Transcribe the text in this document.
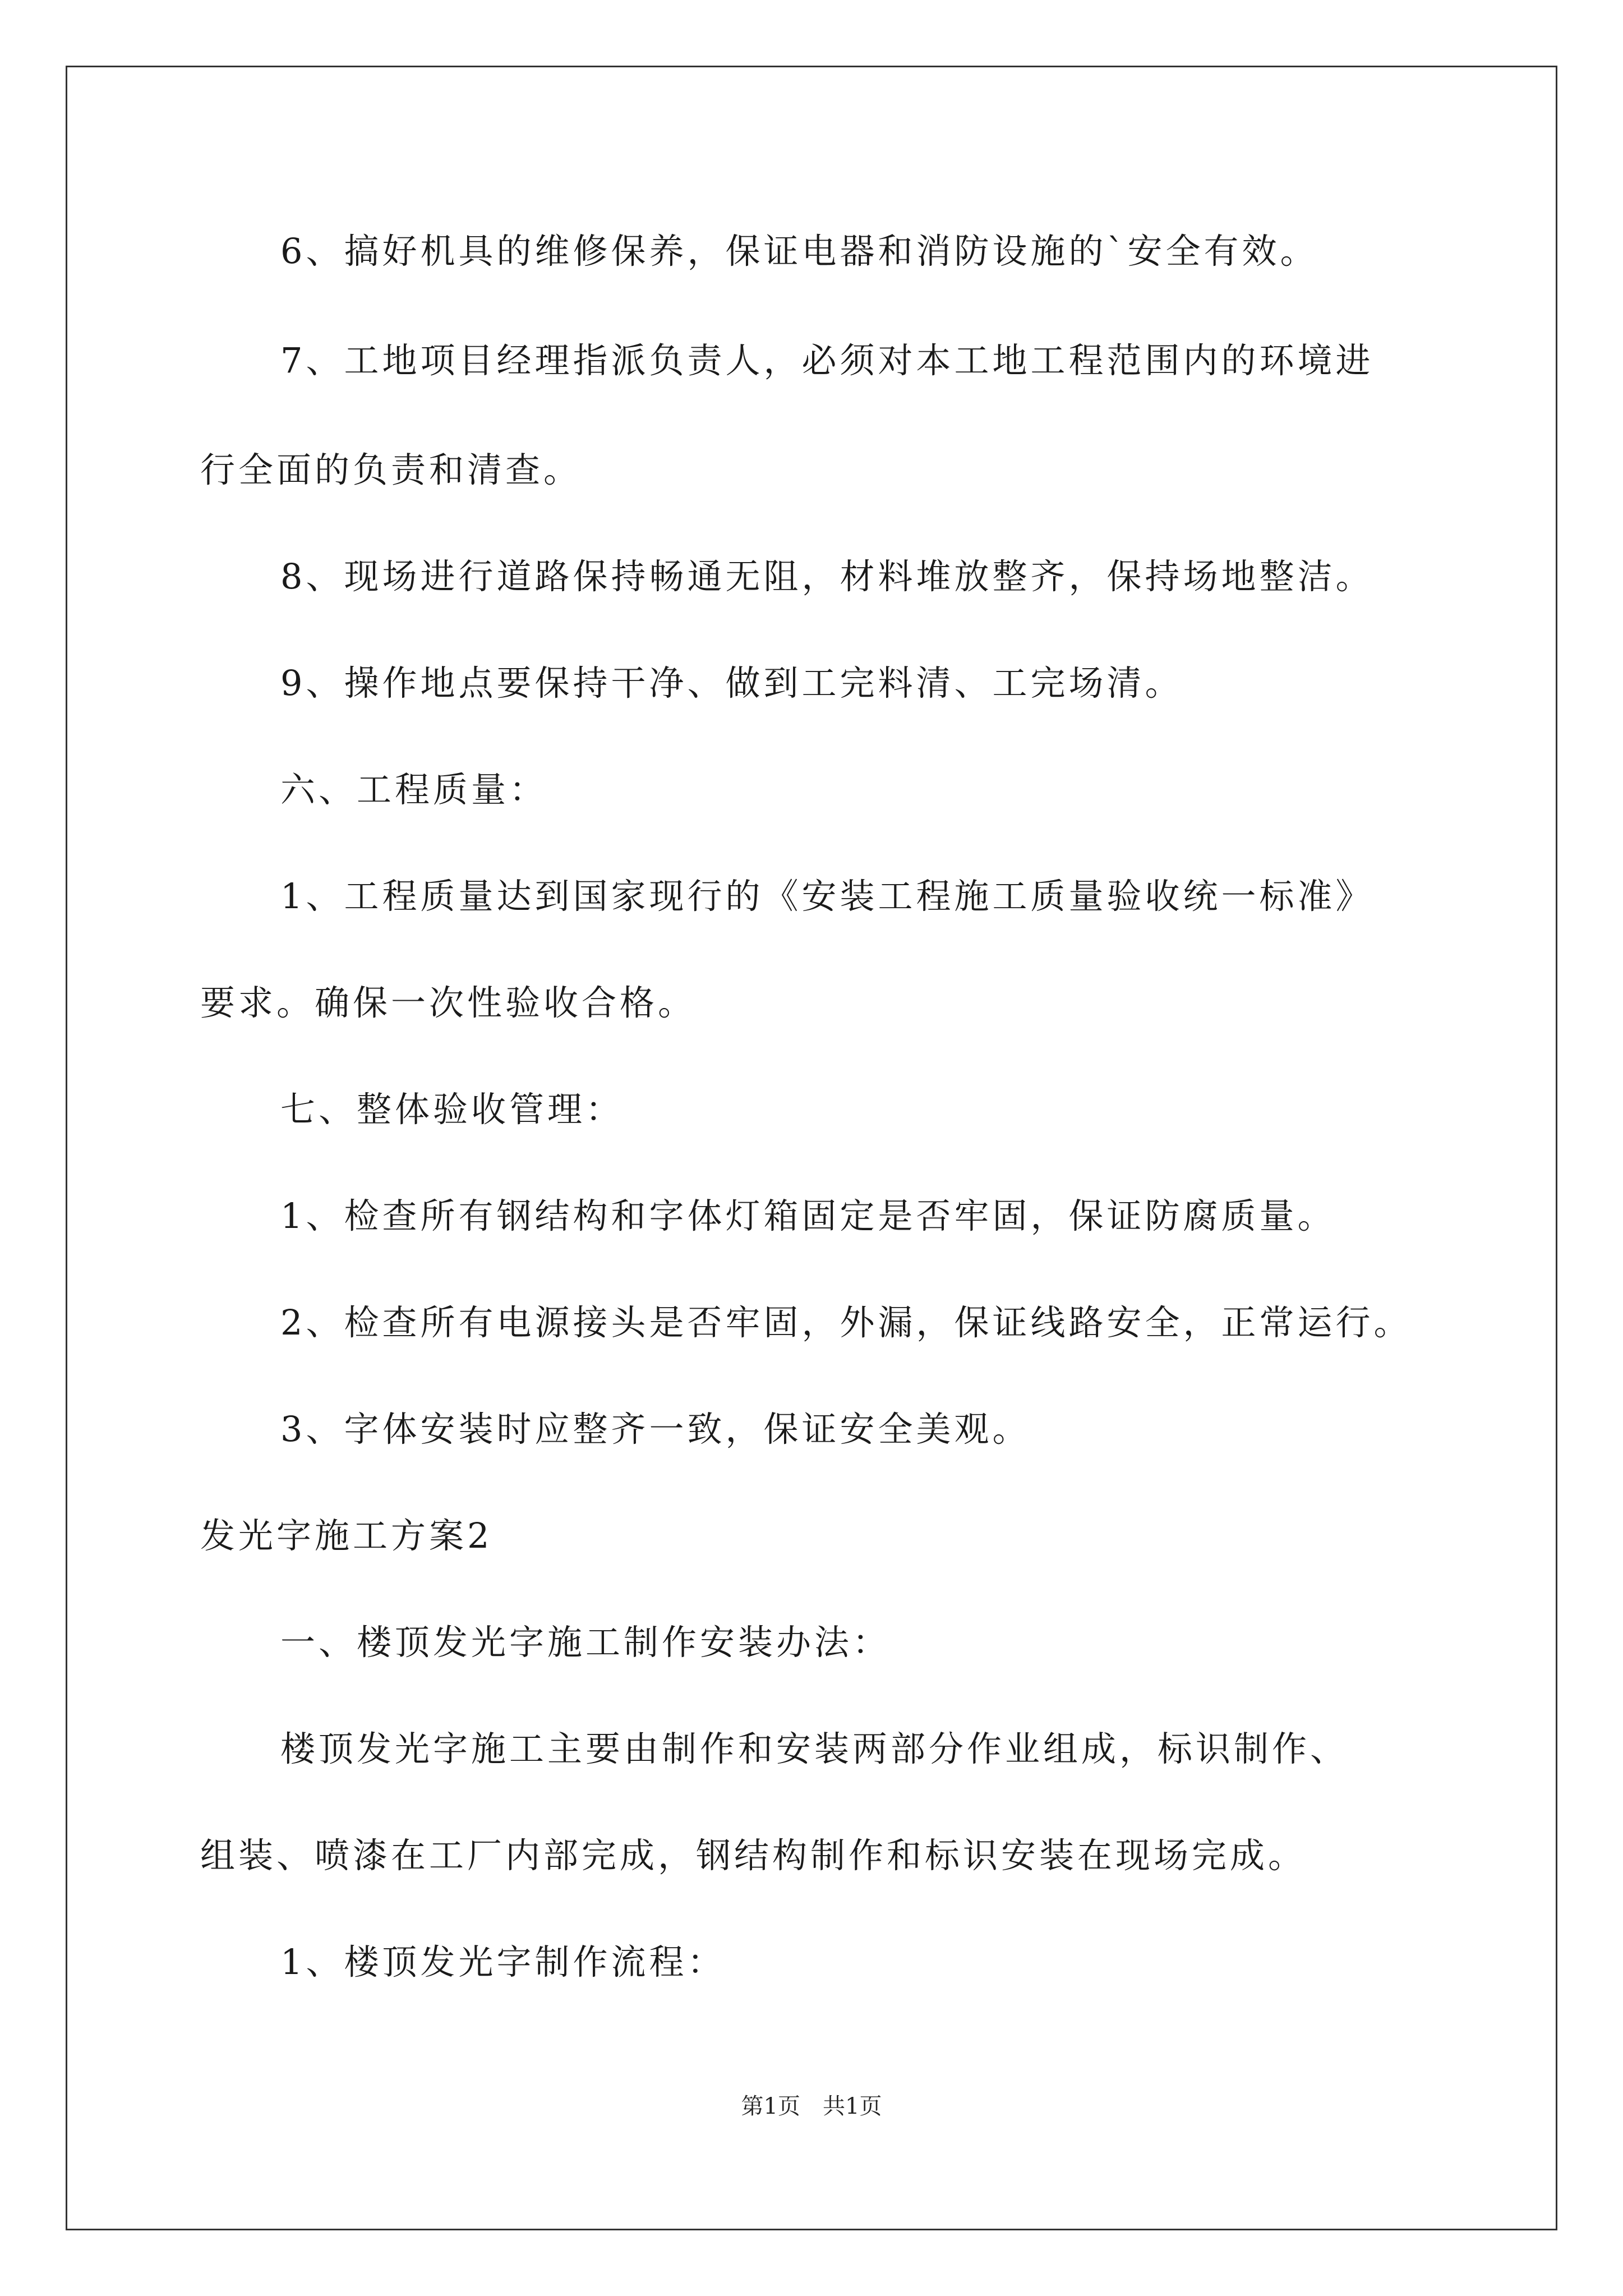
6、搞好机具的维修保养，保证电器和消防设施的`安全有效。
7、工地项目经理指派负责人，必须对本工地工程范围内的环境进
行全面的负责和清查。
8、现场进行道路保持畅通无阻，材料堆放整齐，保持场地整洁。
9、操作地点要保持干净、做到工完料清、工完场清。
六、工程质量：
1、工程质量达到国家现行的《安装工程施工质量验收统一标准》
要求。确保一次性验收合格。
七、整体验收管理：
1、检查所有钢结构和字体灯箱固定是否牢固，保证防腐质量。
2、检查所有电源接头是否牢固，外漏，保证线路安全，正常运行。
3、字体安装时应整齐一致，保证安全美观。
发光字施工方案2
一、楼顶发光字施工制作安装办法：
楼顶发光字施工主要由制作和安装两部分作业组成，标识制作、
组装、喷漆在工厂内部完成，钢结构制作和标识安装在现场完成。
1、楼顶发光字制作流程：
第1页　共1页
